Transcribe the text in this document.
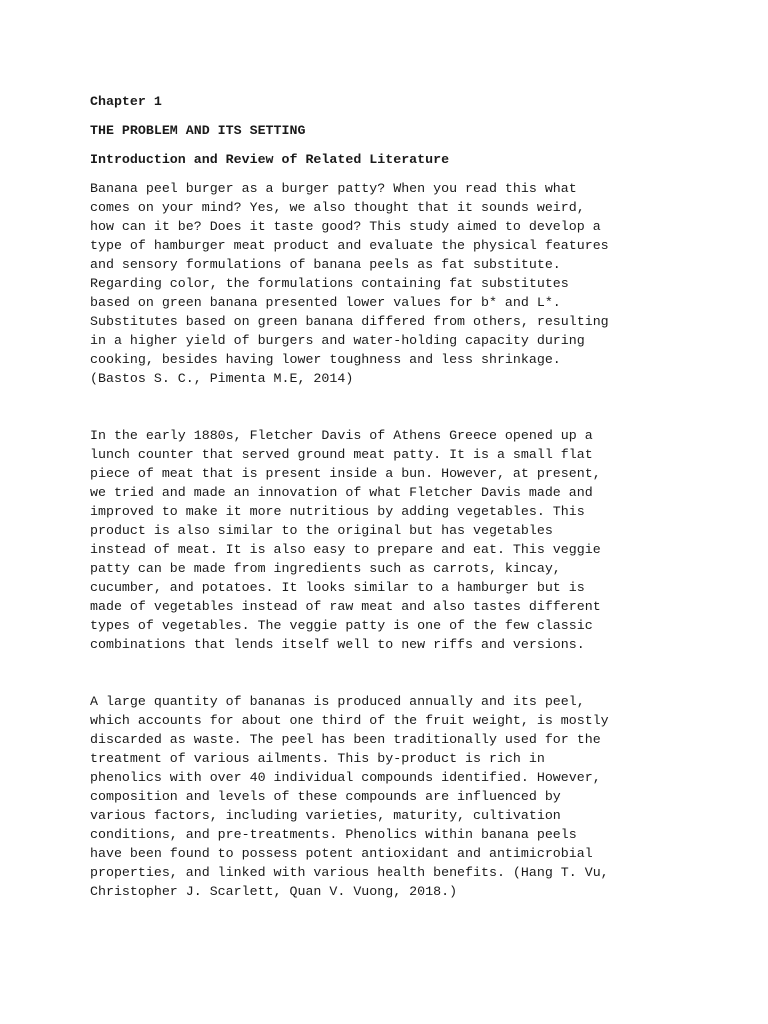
Chapter 1

THE PROBLEM AND ITS SETTING

Introduction and Review of Related Literature

Banana peel burger as a burger patty? When you read this what
comes on your mind? Yes, we also thought that it sounds weird,
how can it be? Does it taste good? This study aimed to develop a
type of hamburger meat product and evaluate the physical features
and sensory formulations of banana peels as fat substitute.
Regarding color, the formulations containing fat substitutes
based on green banana presented lower values for b* and L*.
Substitutes based on green banana differed from others, resulting
in a higher yield of burgers and water-holding capacity during
cooking, besides having lower toughness and less shrinkage.
(Bastos S. C., Pimenta M.E, 2014)
In the early 1880s, Fletcher Davis of Athens Greece opened up a
lunch counter that served ground meat patty. It is a small flat
piece of meat that is present inside a bun. However, at present,
we tried and made an innovation of what Fletcher Davis made and
improved to make it more nutritious by adding vegetables. This
product is also similar to the original but has vegetables
instead of meat. It is also easy to prepare and eat. This veggie
patty can be made from ingredients such as carrots, kincay,
cucumber, and potatoes. It looks similar to a hamburger but is
made of vegetables instead of raw meat and also tastes different
types of vegetables. The veggie patty is one of the few classic
combinations that lends itself well to new riffs and versions.
A large quantity of bananas is produced annually and its peel,
which accounts for about one third of the fruit weight, is mostly
discarded as waste. The peel has been traditionally used for the
treatment of various ailments. This by-product is rich in
phenolics with over 40 individual compounds identified. However,
composition and levels of these compounds are influenced by
various factors, including varieties, maturity, cultivation
conditions, and pre-treatments. Phenolics within banana peels
have been found to possess potent antioxidant and antimicrobial
properties, and linked with various health benefits. (Hang T. Vu,
Christopher J. Scarlett, Quan V. Vuong, 2018.)
